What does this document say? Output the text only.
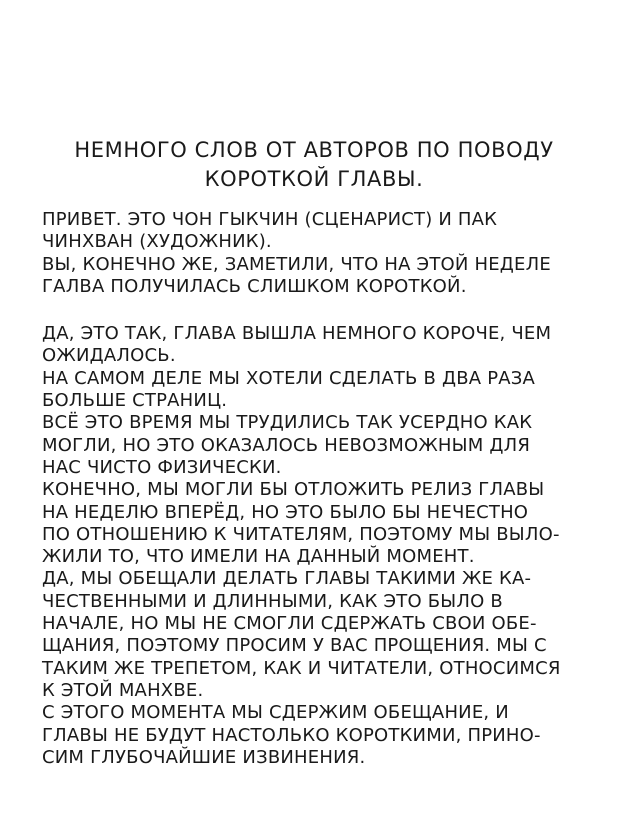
НЕМНОГО СЛОВ ОТ АВТОРОВ ПО ПОВОДУ
КОРОТКОЙ ГЛАВЫ.
ПРИВЕТ. ЭТО ЧОН ГЫКЧИН (СЦЕНАРИСТ) И ПАК
ЧИНХВАН (ХУДОЖНИК).
ВЫ, КОНЕЧНО ЖЕ, ЗАМЕТИЛИ, ЧТО НА ЭТОЙ НЕДЕЛЕ
ГАЛВА ПОЛУЧИЛАСЬ СЛИШКОМ КОРОТКОЙ.
ДА, ЭТО ТАК, ГЛАВА ВЫШЛА НЕМНОГО КОРОЧЕ, ЧЕМ
ОЖИДАЛОСЬ.
НА САМОМ ДЕЛЕ МЫ ХОТЕЛИ СДЕЛАТЬ В ДВА РАЗА
БОЛЬШЕ СТРАНИЦ.
ВСЁ ЭТО ВРЕМЯ МЫ ТРУДИЛИСЬ ТАК УСЕРДНО КАК
МОГЛИ, НО ЭТО ОКАЗАЛОСЬ НЕВОЗМОЖНЫМ ДЛЯ
НАС ЧИСТО ФИЗИЧЕСКИ.
КОНЕЧНО, МЫ МОГЛИ БЫ ОТЛОЖИТЬ РЕЛИЗ ГЛАВЫ
НА НЕДЕЛЮ ВПЕРЁД, НО ЭТО БЫЛО БЫ НЕЧЕСТНО
ПО ОТНОШЕНИЮ К ЧИТАТЕЛЯМ, ПОЭТОМУ МЫ ВЫЛО-
ЖИЛИ ТО, ЧТО ИМЕЛИ НА ДАННЫЙ МОМЕНТ.
ДА, МЫ ОБЕЩАЛИ ДЕЛАТЬ ГЛАВЫ ТАКИМИ ЖЕ КА-
ЧЕСТВЕННЫМИ И ДЛИННЫМИ, КАК ЭТО БЫЛО В
НАЧАЛЕ, НО МЫ НЕ СМОГЛИ СДЕРЖАТЬ СВОИ ОБЕ-
ЩАНИЯ, ПОЭТОМУ ПРОСИМ У ВАС ПРОЩЕНИЯ. МЫ С
ТАКИМ ЖЕ ТРЕПЕТОМ, КАК И ЧИТАТЕЛИ, ОТНОСИМСЯ
К ЭТОЙ МАНХВЕ.
С ЭТОГО МОМЕНТА МЫ СДЕРЖИМ ОБЕЩАНИЕ, И
ГЛАВЫ НЕ БУДУТ НАСТОЛЬКО КОРОТКИМИ, ПРИНО-
СИМ ГЛУБОЧАЙШИЕ ИЗВИНЕНИЯ.
